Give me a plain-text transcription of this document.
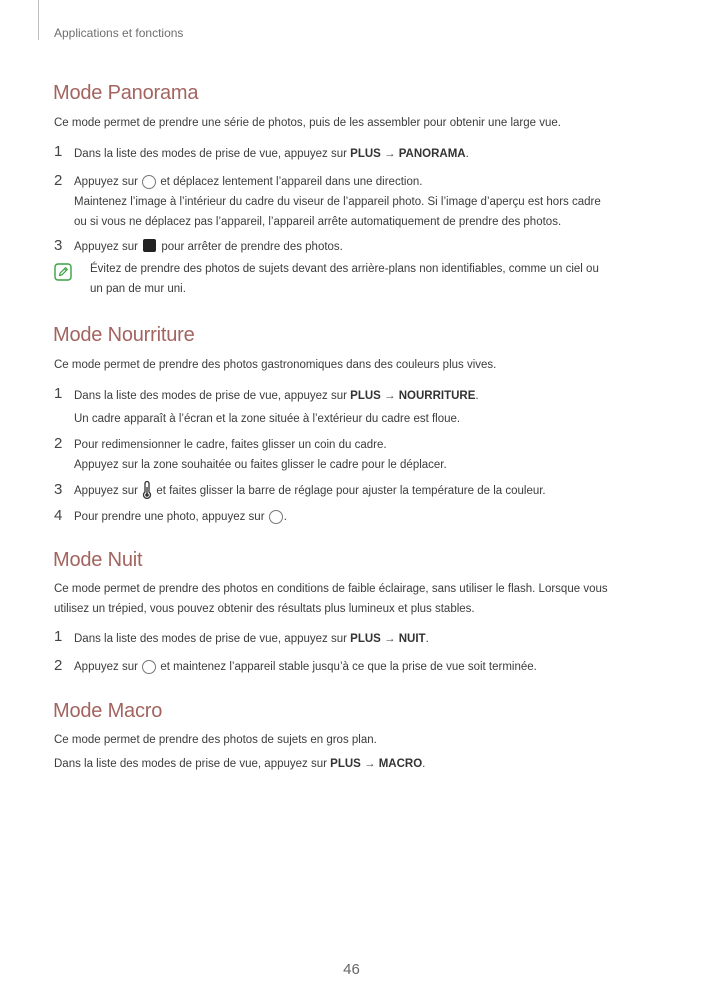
Applications et fonctions
Mode Panorama
Ce mode permet de prendre une série de photos, puis de les assembler pour obtenir une large vue.
1 Dans la liste des modes de prise de vue, appuyez sur PLUS → PANORAMA.
2 Appuyez sur  et déplacez lentement l’appareil dans une direction.
Maintenez l’image à l’intérieur du cadre du viseur de l’appareil photo. Si l’image d’aperçu est hors cadre
ou si vous ne déplacez pas l’appareil, l’appareil arrête automatiquement de prendre des photos.
3 Appuyez sur  pour arrêter de prendre des photos.
Évitez de prendre des photos de sujets devant des arrière-plans non identifiables, comme un ciel ou
un pan de mur uni.
Mode Nourriture
Ce mode permet de prendre des photos gastronomiques dans des couleurs plus vives.
1 Dans la liste des modes de prise de vue, appuyez sur PLUS → NOURRITURE.
Un cadre apparaît à l’écran et la zone située à l’extérieur du cadre est floue.
2 Pour redimensionner le cadre, faites glisser un coin du cadre.
Appuyez sur la zone souhaitée ou faites glisser le cadre pour le déplacer.
3 Appuyez sur  et faites glisser la barre de réglage pour ajuster la température de la couleur.
4 Pour prendre une photo, appuyez sur .
Mode Nuit
Ce mode permet de prendre des photos en conditions de faible éclairage, sans utiliser le flash. Lorsque vous
utilisez un trépied, vous pouvez obtenir des résultats plus lumineux et plus stables.
1 Dans la liste des modes de prise de vue, appuyez sur PLUS → NUIT.
2 Appuyez sur  et maintenez l’appareil stable jusqu’à ce que la prise de vue soit terminée.
Mode Macro
Ce mode permet de prendre des photos de sujets en gros plan.
Dans la liste des modes de prise de vue, appuyez sur PLUS → MACRO.
46
